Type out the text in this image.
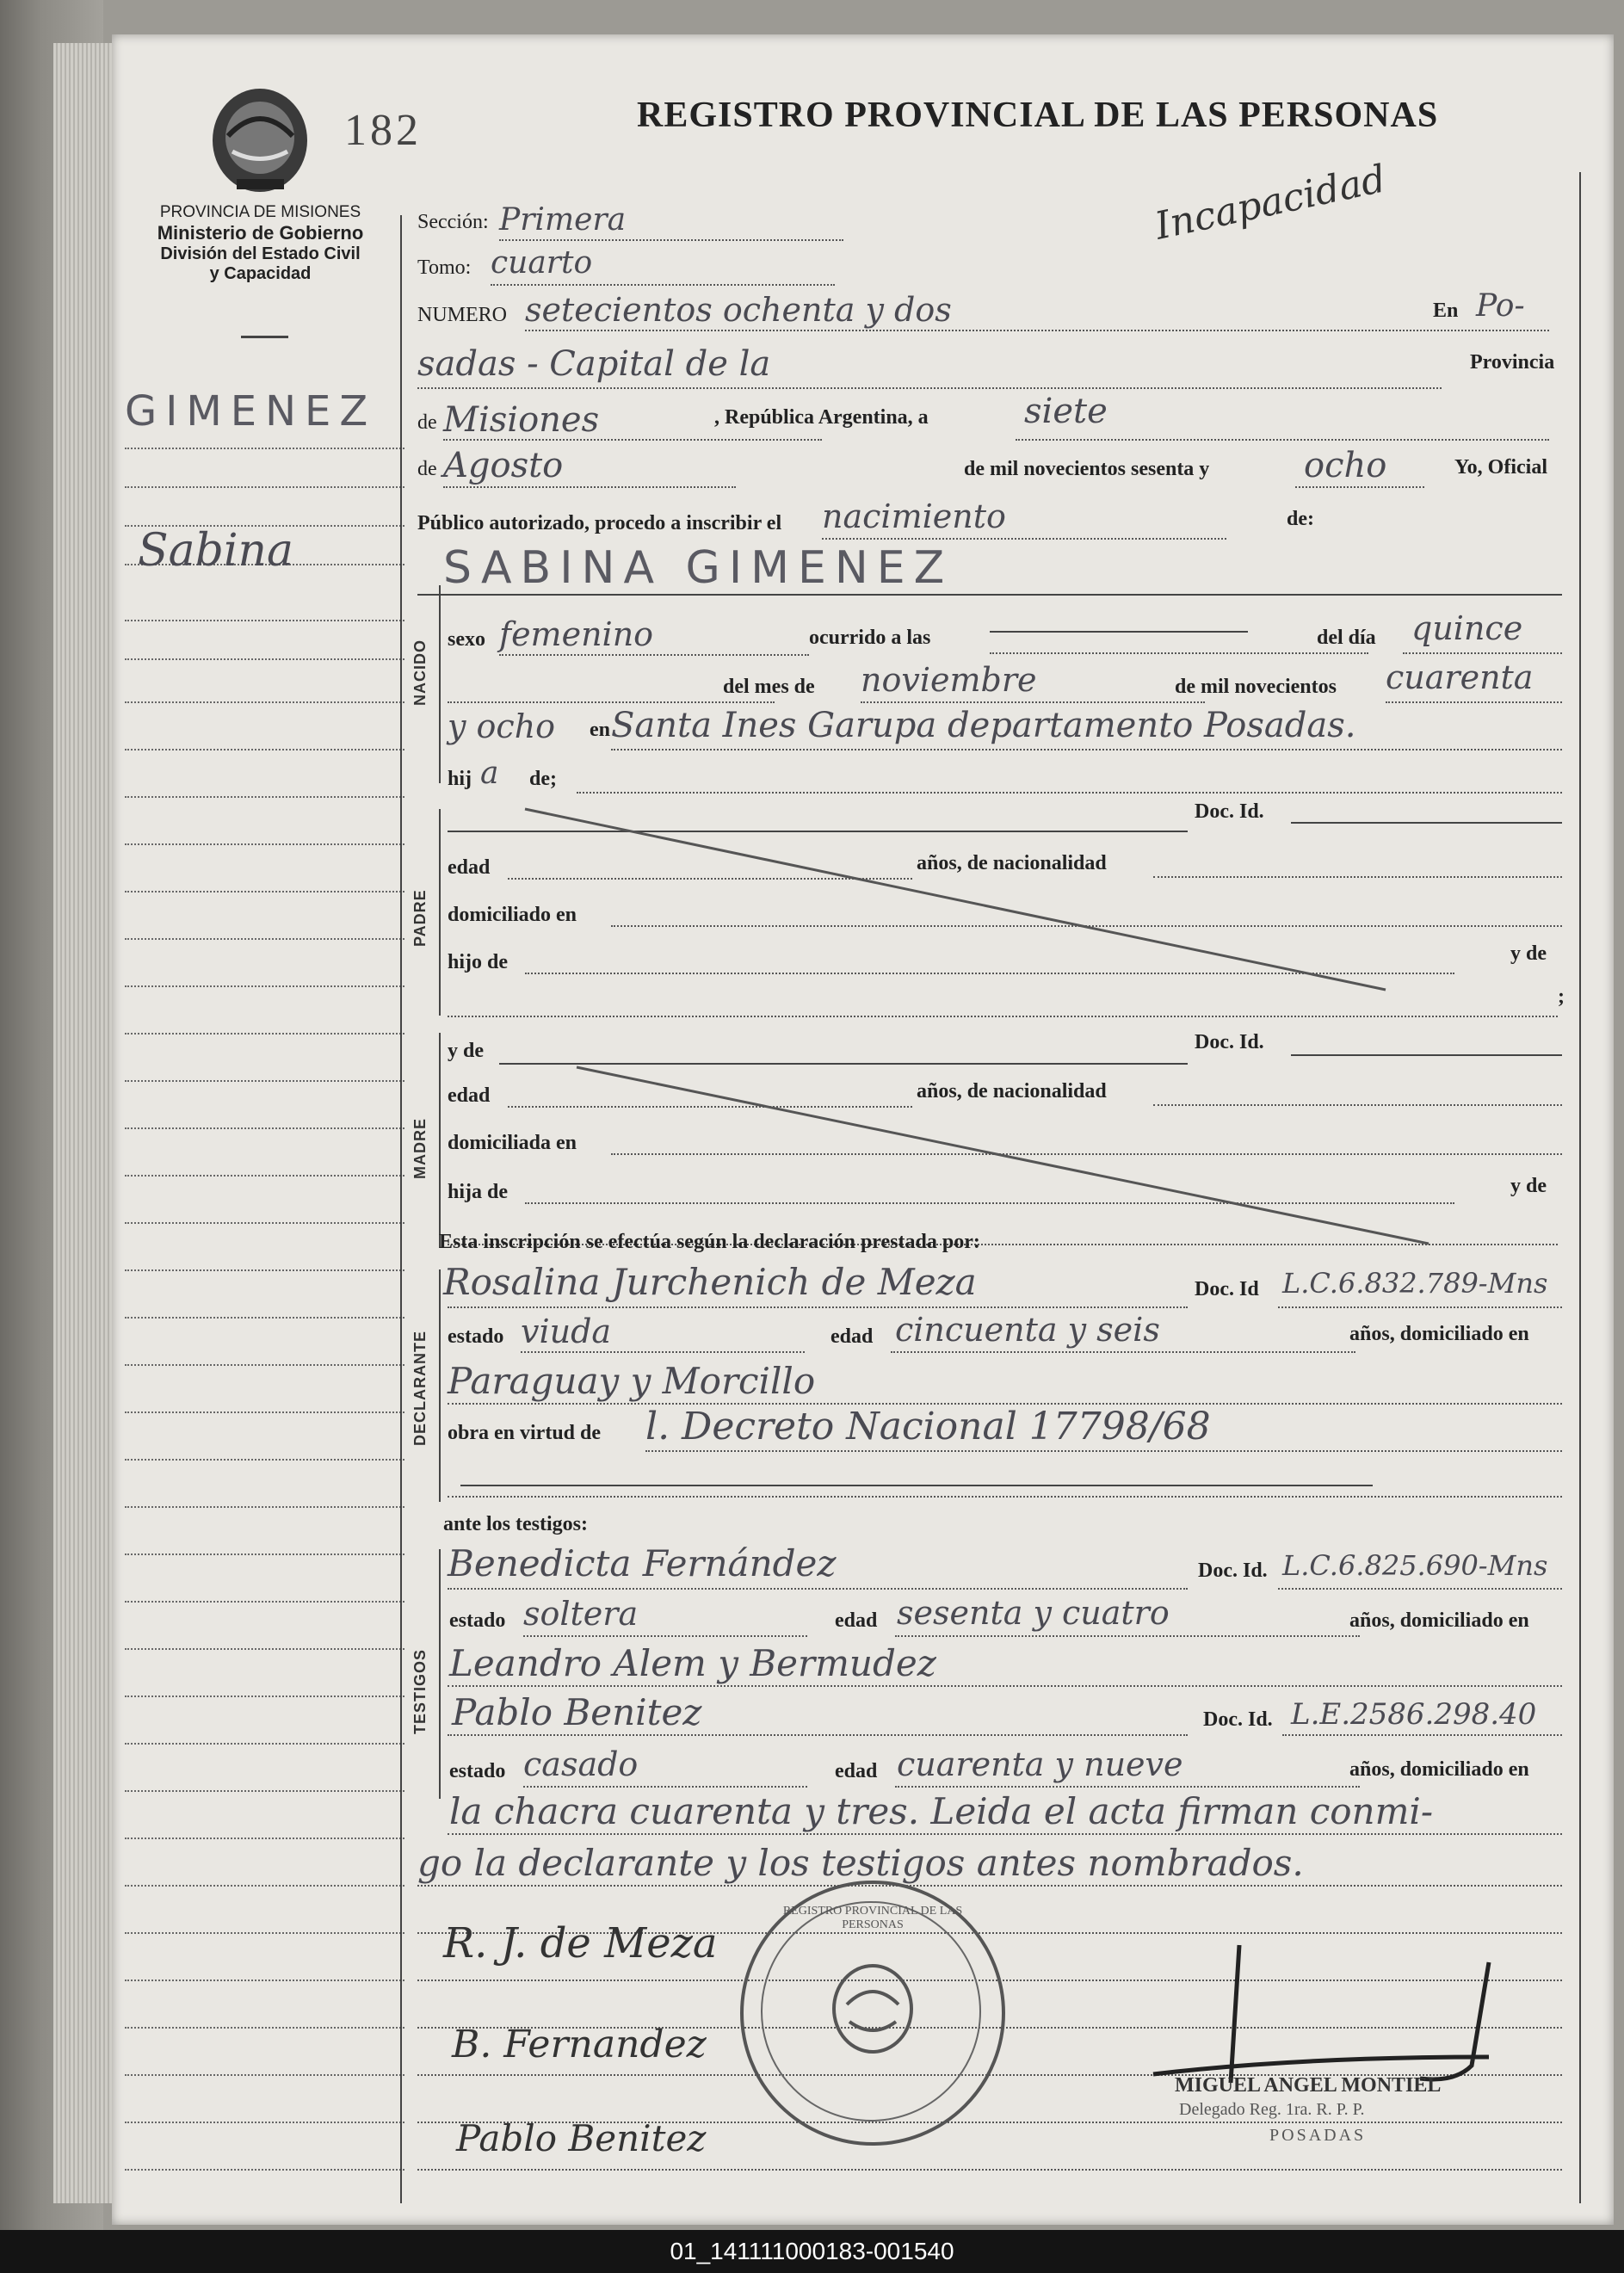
182	REGISTRO PROVINCIAL DE LAS PERSONAS
Incapacidad
PROVINCIA DE MISIONES
Ministerio de Gobierno
División del Estado Civil
y Capacidad
GIMENEZ
Sabina
Sección: Primera
Tomo: cuarto
NUMERO setecientos ochenta y dos	En Po-
sadas - Capital de la	Provincia
de Misiones	, República Argentina, a	siete
de Agosto	de mil novecientos sesenta y	ocho	Yo, Oficial
Público autorizado, procedo a inscribir el nacimiento	de:
SABINA GIMENEZ
NACIDO sexo femenino	ocurrido a las	del día quince
del mes de noviembre	de mil novecientos cuarenta
y ocho en Santa Ines Garupa departamento Posadas.
hij a de;
PADRE
Doc. Id.
edad	años, de nacionalidad
domiciliado en
hijo de	y de
;
MADRE
y de	Doc. Id.
edad	años, de nacionalidad
domiciliada en
hija de	y de
Esta inscripción se efectúa según la declaración prestada por:
DECLARANTE
Rosalina Jurchenich de Meza	Doc. Id L.C.6.832.789-Mns
estado viuda	edad cincuenta y seis	años, domiciliado en
Paraguay y Morcillo
obra en virtud de l. Decreto Nacional 17798/68
ante los testigos:
TESTIGOS
Benedicta Fernández	Doc. Id. L.C.6.825.690-Mns
estado soltera	edad sesenta y cuatro	años, domiciliado en
Leandro Alem y Bermudez
Pablo Benitez	Doc. Id. L.E.2586.298.40
estado casado	edad cuarenta y nueve	años, domiciliado en
la chacra cuarenta y tres. Leida el acta firman conmi-
go la declarante y los testigos antes nombrados.
R. J. de Meza
B. Fernandez
Pablo Benitez
REGISTRO PROVINCIAL DE LAS PERSONAS
MIGUEL ANGEL MONTIEL
Delegado Reg. 1ra. R. P. P.
POSADAS
01_141111000183-001540
